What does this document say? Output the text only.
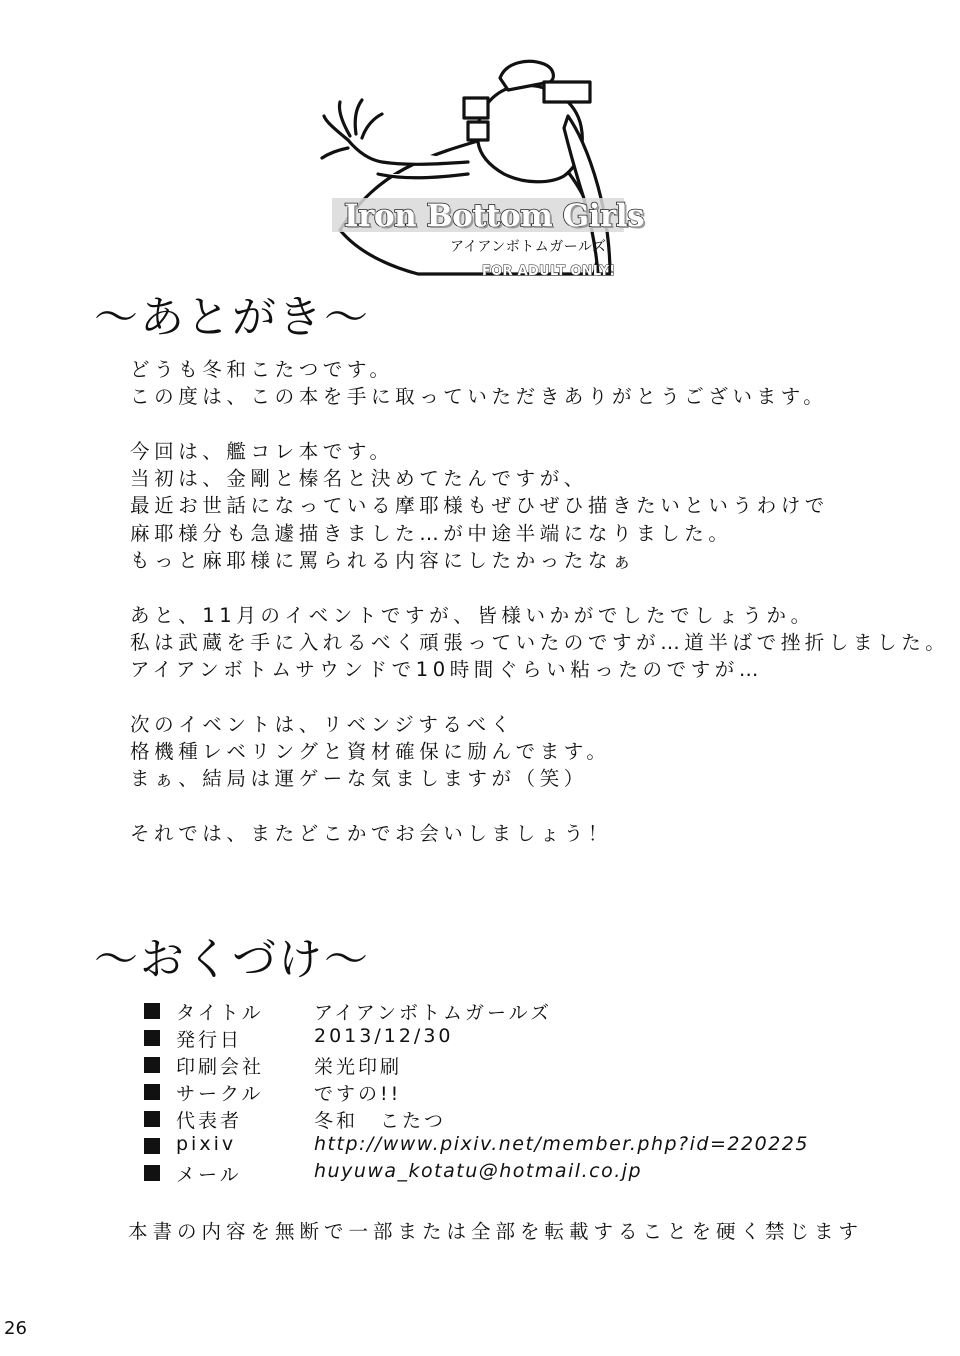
Iron Bottom Girls
アイアンボトムガールズ
FOR ADULT ONLY!
〜あとがき〜
どうも冬和こたつです。
この度は、この本を手に取っていただきありがとうございます。
今回は、艦コレ本です。
当初は、金剛と榛名と決めてたんですが、
最近お世話になっている摩耶様もぜひぜひ描きたいというわけで
麻耶様分も急遽描きました…が中途半端になりました。
もっと麻耶様に罵られる内容にしたかったなぁ
あと、11月のイベントですが、皆様いかがでしたでしょうか。
私は武蔵を手に入れるべく頑張っていたのですが…道半ばで挫折しました。
アイアンボトムサウンドで10時間ぐらい粘ったのですが…
次のイベントは、リベンジするべく
格機種レベリングと資材確保に励んでます。
まぁ、結局は運ゲーな気ましますが（笑）
それでは、またどこかでお会いしましょう！
〜おくづけ〜
タイトル	アイアンボトムガールズ
発行日	2013/12/30
印刷会社	栄光印刷
サークル	ですの!!
代表者	冬和　こたつ
pixiv	http://www.pixiv.net/member.php?id=220225
メール	huyuwa_kotatu@hotmail.co.jp
本書の内容を無断で一部または全部を転載することを硬く禁じます
26
